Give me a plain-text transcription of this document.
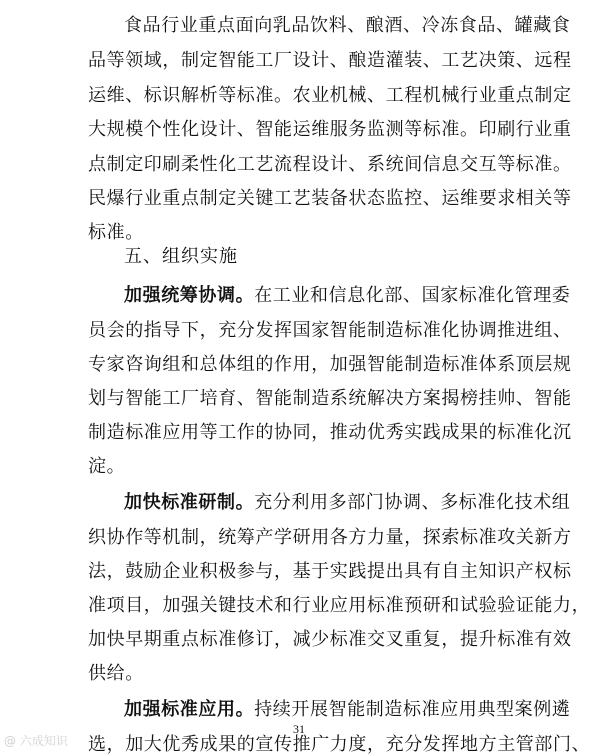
食品行业重点面向乳品饮料、酿酒、冷冻食品、罐藏食
品等领域，制定智能工厂设计、酿造灌装、工艺决策、远程
运维、标识解析等标准。农业机械、工程机械行业重点制定
大规模个性化设计、智能运维服务监测等标准。印刷行业重
点制定印刷柔性化工艺流程设计、系统间信息交互等标准。
民爆行业重点制定关键工艺装备状态监控、运维要求相关等
标准。
五、组织实施
加强统筹协调。在工业和信息化部、国家标准化管理委
员会的指导下，充分发挥国家智能制造标准化协调推进组、
专家咨询组和总体组的作用，加强智能制造标准体系顶层规
划与智能工厂培育、智能制造系统解决方案揭榜挂帅、智能
制造标准应用等工作的协同，推动优秀实践成果的标准化沉
淀。
加快标准研制。充分利用多部门协调、多标准化技术组
织协作等机制，统筹产学研用各方力量，探索标准攻关新方
法，鼓励企业积极参与，基于实践提出具有自主知识产权标
准项目，加强关键技术和行业应用标准预研和试验验证能力，
加快早期重点标准修订，减少标准交叉重复，提升标准有效
供给。
加强标准应用。持续开展智能制造标准应用典型案例遴
选，加大优秀成果的宣传推广力度，充分发挥地方主管部门、
31
@ 六成知识
